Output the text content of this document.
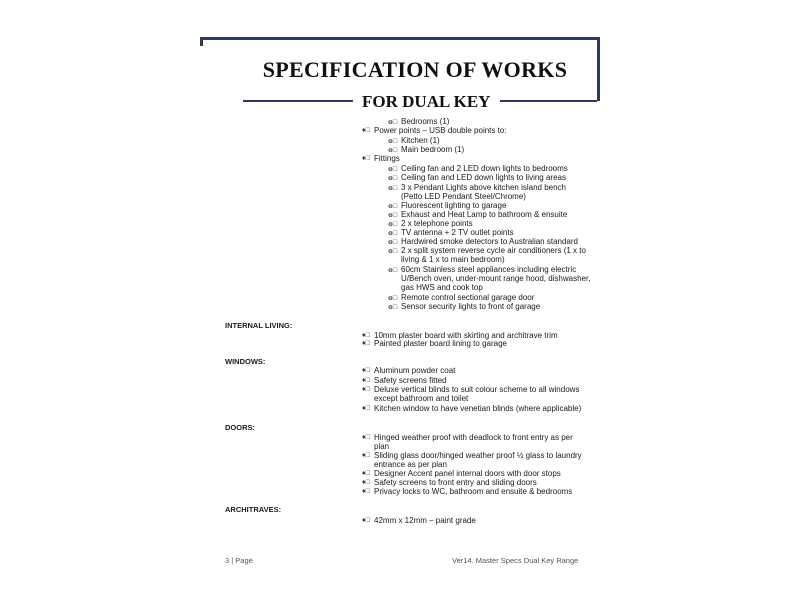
SPECIFICATION OF WORKS
FOR DUAL KEY
ꝋ□ Bedrooms (1)
♦□ Power points – USB double points to:
ꝋ□ Kitchen (1)
ꝋ□ Main bedroom (1)
♦□ Fittings
ꝋ□ Ceiling fan and 2 LED down lights to bedrooms
ꝋ□ Ceiling fan and LED down lights to living areas
ꝋ□ 3 x Pendant Lights above kitchen island bench
(Petto LED Pendant Steel/Chrome)
ꝋ□ Fluorescent lighting to garage
ꝋ□ Exhaust and Heat Lamp to bathroom & ensuite
ꝋ□ 2 x telephone points
ꝋ□ TV antenna + 2 TV outlet points
ꝋ□ Hardwired smoke detectors to Australian standard
ꝋ□ 2 x split system reverse cycle air conditioners (1 x to
living & 1 x to main bedroom)
ꝋ□ 60cm Stainless steel appliances including electric
U/Bench oven, under-mount range hood, dishwasher,
gas HWS and cook top
ꝋ□ Remote control sectional garage door
ꝋ□ Sensor security lights to front of garage
INTERNAL LIVING:
♦□ 10mm plaster board with skirting and architrave trim
♦□ Painted plaster board lining to garage
WINDOWS:
♦□ Aluminum powder coat
♦□ Safety screens fitted
♦□ Deluxe vertical blinds to suit colour scheme to all windows
except bathroom and toilet
♦□ Kitchen window to have venetian blinds (where applicable)
DOORS:
♦□ Hinged weather proof with deadlock to front entry as per
plan
♦□ Sliding glass door/hinged weather proof ½ glass to laundry
entrance as per plan
♦□ Designer Accent panel internal doors with door stops
♦□ Safety screens to front entry and sliding doors
♦□ Privacy locks to WC, bathroom and ensuite & bedrooms
ARCHITRAVES:
♦□ 42mm x 12mm – paint grade
3 | Page	Ver14. Master Specs Dual Key Range
